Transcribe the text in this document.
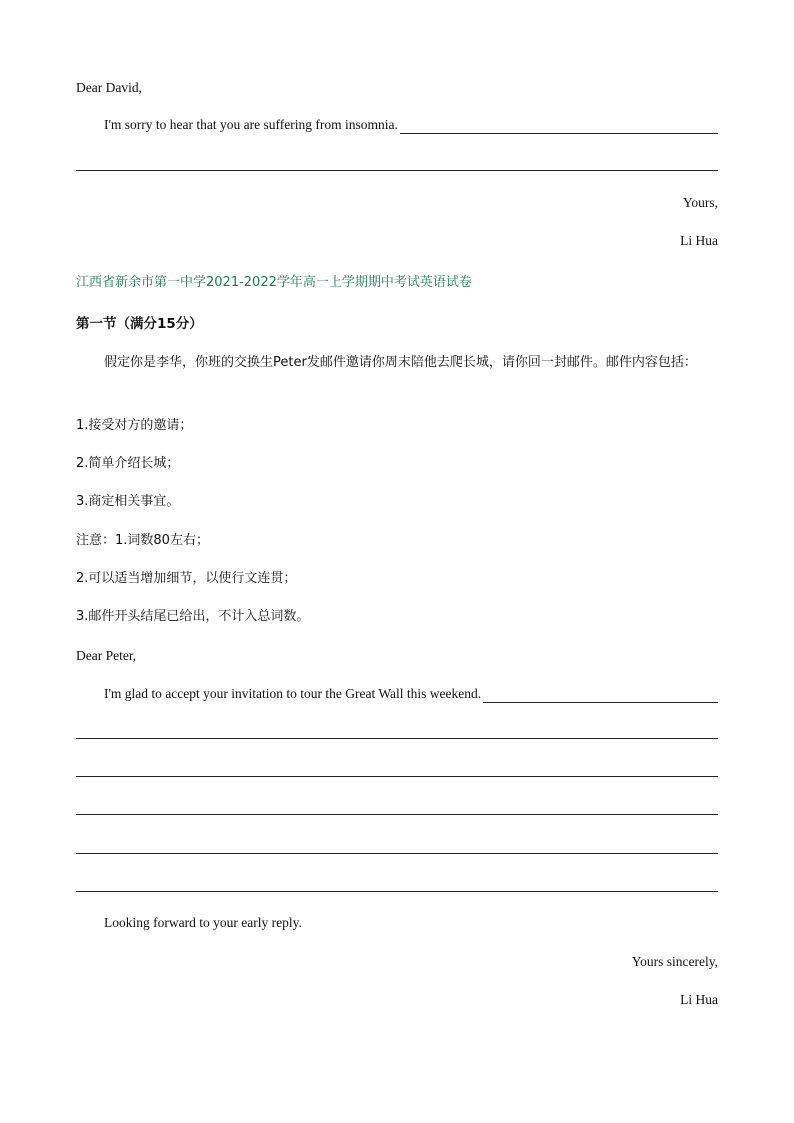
Dear David,
I'm sorry to hear that you are suffering from insomnia.
Yours,
Li Hua
江西省新余市第一中学2021-2022学年高一上学期期中考试英语试卷
第一节（满分15分）
假定你是李华，你班的交换生Peter发邮件邀请你周末陪他去爬长城，请你回一封邮件。邮件内容包括：
1.接受对方的邀请；
2.简单介绍长城；
3.商定相关事宜。
注意：1.词数80左右；
2.可以适当增加细节，以使行文连贯；
3.邮件开头结尾已给出，不计入总词数。
Dear Peter,
I'm glad to accept your invitation to tour the Great Wall this weekend.
Looking forward to your early reply.
Yours sincerely,
Li Hua
